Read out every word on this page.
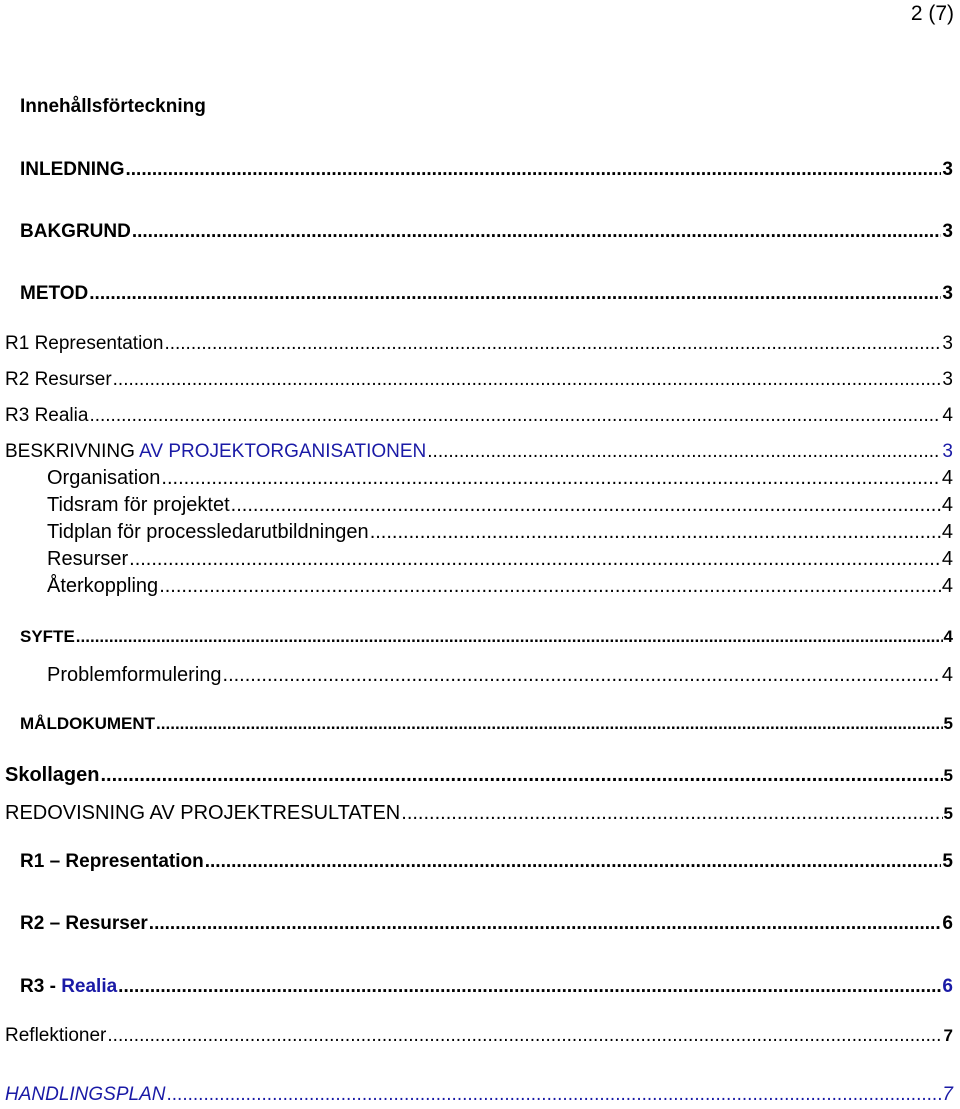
2 (7)
Innehållsförteckning
INLEDNING .....	3
BAKGRUND .....	3
METOD .....	3
R1 Representation .....	3
R2 Resurser .....	3
R3 Realia .....	4
BESKRIVNING AV PROJEKTORGANISATIONEN .....	3
Organisation .....	4
Tidsram för projektet .....	4
Tidplan för processledarutbildningen .....	4
Resurser .....	4
Återkoppling .....	4
SYFTE .....	4
Problemformulering .....	4
MÅLDOKUMENT .....	5
Skollagen .....	5
REDOVISNING AV PROJEKTRESULTATEN .....	5
R1 – Representation .....	5
R2 – Resurser .....	6
R3 - Realia .....	6
Reflektioner .....	7
HANDLINGSPLAN .....	7
